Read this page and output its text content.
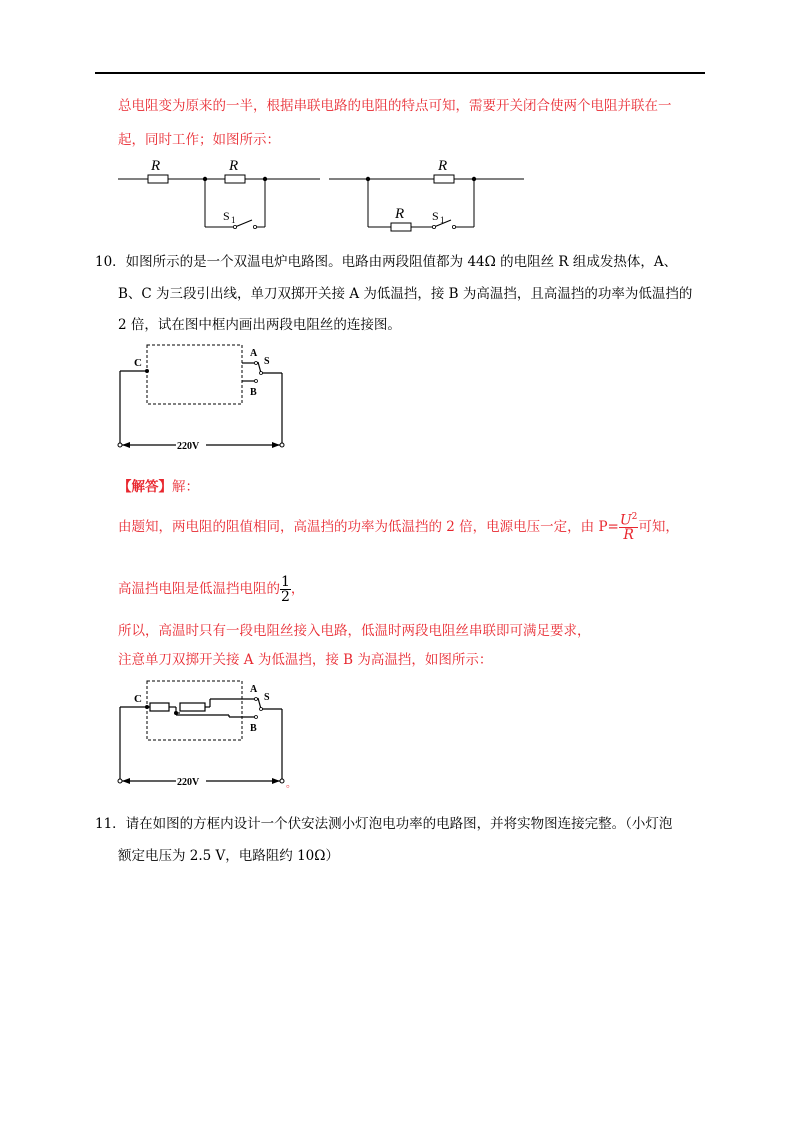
总电阻变为原来的一半，根据串联电路的电阻的特点可知，需要开关闭合使两个电阻并联在一
起，同时工作；如图所示：
R	R
S 1
R
R S 1
10．如图所示的是一个双温电炉电路图。电路由两段阻值都为 44Ω 的电阻丝 R 组成发热体，A、
B、C 为三段引出线，单刀双掷开关接 A 为低温挡，接 B 为高温挡，且高温挡的功率为低温挡的
2 倍，试在图中框内画出两段电阻丝的连接图。
C
A
S
B
220V
【解答】解：
由题知，两电阻的阻值相同，高温挡的功率为低温挡的 2 倍，电源电压一定，由 $P= \frac{U^2}{R}$ 可知，
高温挡电阻是低温挡电阻的 $\frac{1}{2}$ ，
所以，高温时只有一段电阻丝接入电路，低温时两段电阻丝串联即可满足要求，
注意单刀双掷开关接 A 为低温挡，接 B 为高温挡，如图所示：
C
A
S
B
220V	。
11．请在如图的方框内设计一个伏安法测小灯泡电功率的电路图，并将实物图连接完整。（小灯泡
额定电压为 2.5 V，电路阻约 10Ω）
